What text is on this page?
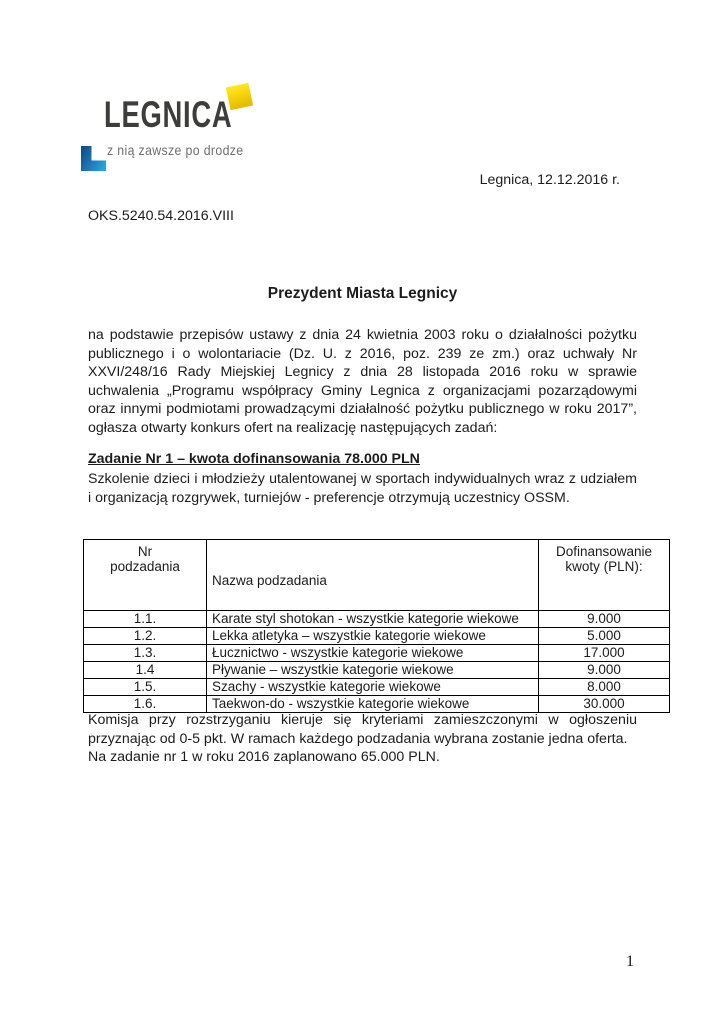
LEGNICA
z nią zawsze po drodze
Legnica, 12.12.2016 r.
OKS.5240.54.2016.VIII
Prezydent Miasta Legnicy

na podstawie przepisów ustawy z dnia 24 kwietnia 2003 roku o działalności pożytku publicznego i o wolontariacie (Dz. U. z 2016, poz. 239 ze zm.) oraz uchwały Nr XXVI/248/16 Rady Miejskiej Legnicy z dnia 28 listopada 2016 roku w sprawie uchwalenia „Programu współpracy Gminy Legnica z organizacjami pozarządowymi oraz innymi podmiotami prowadzącymi działalność pożytku publicznego w roku 2017”, ogłasza otwarty konkurs ofert na realizację następujących zadań:

Zadanie Nr 1 – kwota dofinansowania 78.000 PLN

Szkolenie dzieci i młodzieży utalentowanej w sportach indywidualnych wraz z udziałem i organizacją rozgrywek, turniejów - preferencje otrzymują uczestnicy OSSM.

Nr podzadania	Nazwa podzadania	Dofinansowanie kwoty (PLN):

1.1.	Karate styl shotokan - wszystkie kategorie wiekowe	9.000
1.2.	Lekka atletyka – wszystkie kategorie wiekowe	5.000
1.3.	Łucznictwo - wszystkie kategorie wiekowe	17.000
1.4	Pływanie – wszystkie kategorie wiekowe	9.000
1.5.	Szachy - wszystkie kategorie wiekowe	8.000
1.6.	Taekwon-do - wszystkie kategorie wiekowe	30.000

Komisja przy rozstrzyganiu kieruje się kryteriami zamieszczonymi w ogłoszeniu przyznając od 0-5 pkt. W ramach każdego podzadania wybrana zostanie jedna oferta.

Na zadanie nr 1 w roku 2016 zaplanowano 65.000 PLN.

1
